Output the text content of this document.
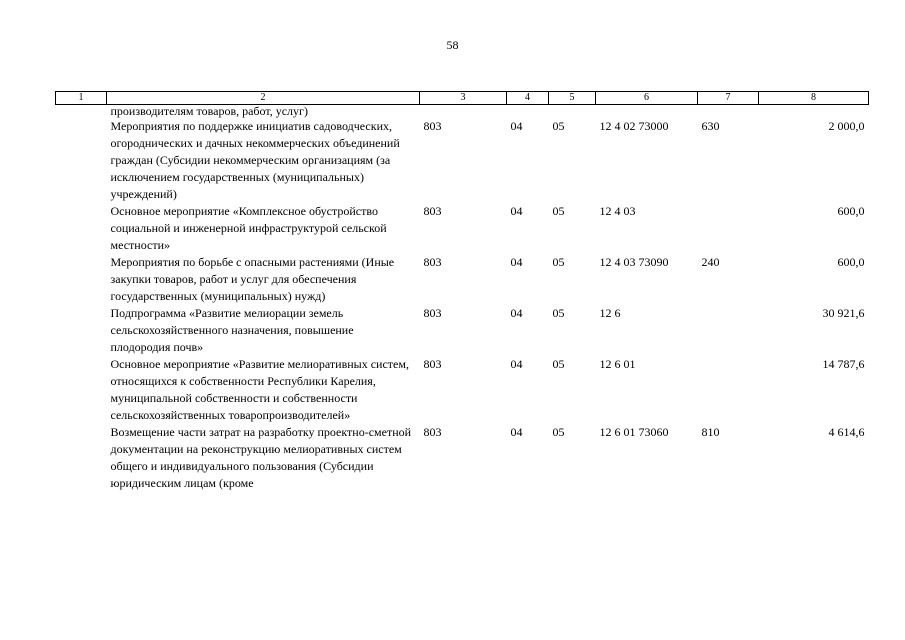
58
1	2	3	4	5	6	7	8
	производителям товаров, работ, услуг)						
	Мероприятия по поддержке инициатив садоводческих, огороднических и дачных некоммерческих объединений граждан (Субсидии некоммерческим организациям (за исключением государственных (муниципальных) учреждений)	803	04	05	12 4 02 73000	630	2 000,0
	Основное мероприятие «Комплексное обустройство социальной и инженерной инфраструктурой сельской местности»	803	04	05	12 4 03		600,0
	Мероприятия по борьбе с опасными растениями (Иные закупки товаров, работ и услуг для обеспечения государственных (муниципальных) нужд)	803	04	05	12 4 03 73090	240	600,0
	Подпрограмма «Развитие мелиорации земель сельскохозяйственного назначения, повышение плодородия почв»	803	04	05	12 6		30 921,6
	Основное мероприятие «Развитие мелиоративных систем, относящихся к собственности Республики Карелия, муниципальной собственности и собственности сельскохозяйственных товаропроизводителей»	803	04	05	12 6 01		14 787,6
	Возмещение части затрат на разработку проектно-сметной документации на реконструкцию мелиоративных систем общего и индивидуального пользования (Субсидии юридическим лицам (кроме	803	04	05	12 6 01 73060	810	4 614,6
